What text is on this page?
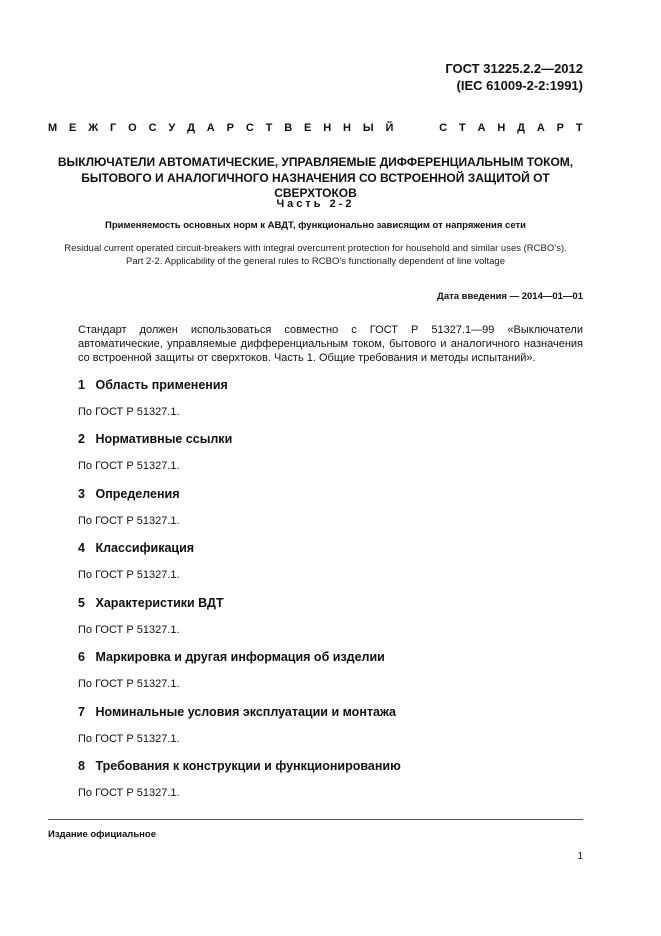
ГОСТ 31225.2.2—2012
(IEC 61009-2-2:1991)
М Е Ж Г О С У Д А Р С Т В Е Н Н Ы Й	С Т А Н Д А Р Т
ВЫКЛЮЧАТЕЛИ АВТОМАТИЧЕСКИЕ, УПРАВЛЯЕМЫЕ ДИФФЕРЕНЦИАЛЬНЫМ ТОКОМ,
БЫТОВОГО И АНАЛОГИЧНОГО НАЗНАЧЕНИЯ СО ВСТРОЕННОЙ ЗАЩИТОЙ ОТ СВЕРХТОКОВ
Часть 2-2
Применяемость основных норм к АВДТ, функционально зависящим от напряжения сети
Residual current operated circuit-breakers with integral overcurrent protection for household and similar uses (RCBO’s).
Part 2-2. Applicability of the general rules to RCBO’s functionally dependent of line voltage
Дата введения — 2014—01—01
Стандарт должен использоваться совместно с ГОСТ Р 51327.1—99 «Выключатели автоматические, управляемые дифференциальным током, бытового и аналогичного назначения со встроенной защиты от сверхтоков. Часть 1. Общие требования и методы испытаний».
1 Область применения
По ГОСТ Р 51327.1.
2 Нормативные ссылки
По ГОСТ Р 51327.1.
3 Определения
По ГОСТ Р 51327.1.
4 Классификация
По ГОСТ Р 51327.1.
5 Характеристики ВДТ
По ГОСТ Р 51327.1.
6 Маркировка и другая информация об изделии
По ГОСТ Р 51327.1.
7 Номинальные условия эксплуатации и монтажа
По ГОСТ Р 51327.1.
8 Требования к конструкции и функционированию
По ГОСТ Р 51327.1.
Издание официальное
1
